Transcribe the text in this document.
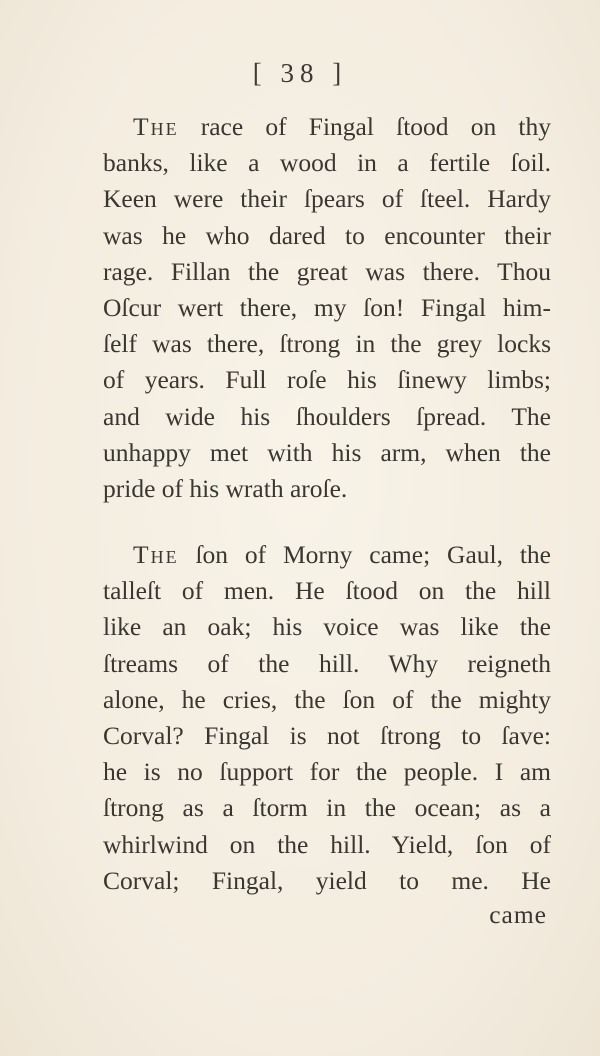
[ 38 ]
The race of Fingal ſtood on thy
banks, like a wood in a fertile ſoil.
Keen were their ſpears of ſteel. Hardy
was he who dared to encounter their
rage. Fillan the great was there. Thou
Oſcur wert there, my ſon! Fingal him-
ſelf was there, ſtrong in the grey locks
of years. Full roſe his ſinewy limbs;
and wide his ſhoulders ſpread. The
unhappy met with his arm, when the
pride of his wrath aroſe.
The ſon of Morny came; Gaul, the
talleſt of men. He ſtood on the hill
like an oak; his voice was like the
ſtreams of the hill. Why reigneth
alone, he cries, the ſon of the mighty
Corval? Fingal is not ſtrong to ſave:
he is no ſupport for the people. I am
ſtrong as a ſtorm in the ocean; as a
whirlwind on the hill. Yield, ſon of
Corval; Fingal, yield to me. He
came
